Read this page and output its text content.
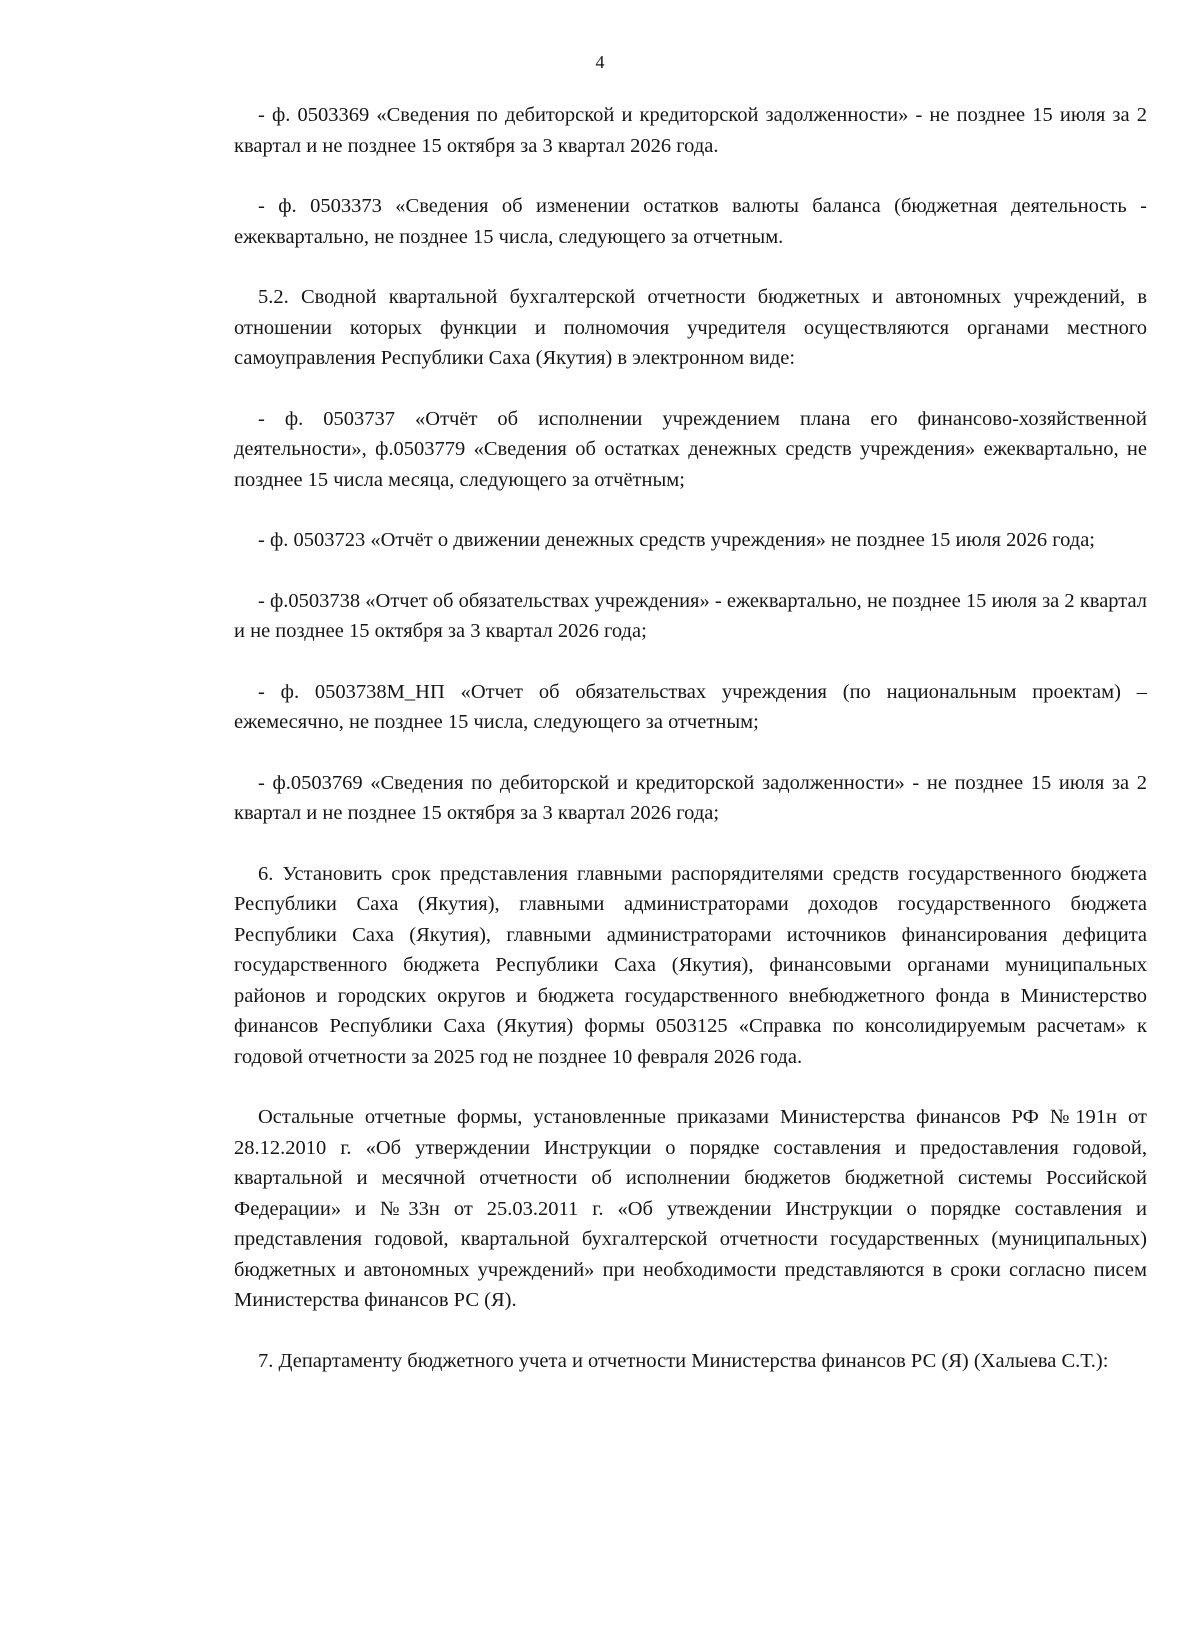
4

- ф. 0503369 «Сведения по дебиторской и кредиторской задолженности» - не позднее 15 июля за 2 квартал и не позднее 15 октября за 3 квартал 2026 года.

- ф. 0503373 «Сведения об изменении остатков валюты баланса (бюджетная деятельность - ежеквартально, не позднее 15 числа, следующего за отчетным.

5.2. Сводной квартальной бухгалтерской отчетности бюджетных и автономных учреждений, в отношении которых функции и полномочия учредителя осуществляются органами местного самоуправления Республики Саха (Якутия) в электронном виде:

- ф. 0503737 «Отчёт об исполнении учреждением плана его финансово-хозяйственной деятельности», ф.0503779 «Сведения об остатках денежных средств учреждения» ежеквартально, не позднее 15 числа месяца, следующего за отчётным;

- ф. 0503723 «Отчёт о движении денежных средств учреждения» не позднее 15 июля 2026 года;

- ф.0503738 «Отчет об обязательствах учреждения» - ежеквартально, не позднее 15 июля за 2 квартал и не позднее 15 октября за 3 квартал 2026 года;

- ф. 0503738М_НП «Отчет об обязательствах учреждения (по национальным проектам) – ежемесячно, не позднее 15 числа, следующего за отчетным;

- ф.0503769 «Сведения по дебиторской и кредиторской задолженности» - не позднее 15 июля за 2 квартал и не позднее 15 октября за 3 квартал 2026 года;

6. Установить срок представления главными распорядителями средств государственного бюджета Республики Саха (Якутия), главными администраторами доходов государственного бюджета Республики Саха (Якутия), главными администраторами источников финансирования дефицита государственного бюджета Республики Саха (Якутия), финансовыми органами муниципальных районов и городских округов и бюджета государственного внебюджетного фонда в Министерство финансов Республики Саха (Якутия) формы 0503125 «Справка по консолидируемым расчетам» к годовой отчетности за 2025 год не позднее 10 февраля 2026 года.

Остальные отчетные формы, установленные приказами Министерства финансов РФ №191н от 28.12.2010 г. «Об утверждении Инструкции о порядке составления и предоставления годовой, квартальной и месячной отчетности об исполнении бюджетов бюджетной системы Российской Федерации» и №33н от 25.03.2011 г. «Об утвеждении Инструкции о порядке составления и представления годовой, квартальной бухгалтерской отчетности государственных (муниципальных) бюджетных и автономных учреждений» при необходимости представляются в сроки согласно писем Министерства финансов РС (Я).

7. Департаменту бюджетного учета и отчетности Министерства финансов РС (Я) (Халыева С.Т.):
